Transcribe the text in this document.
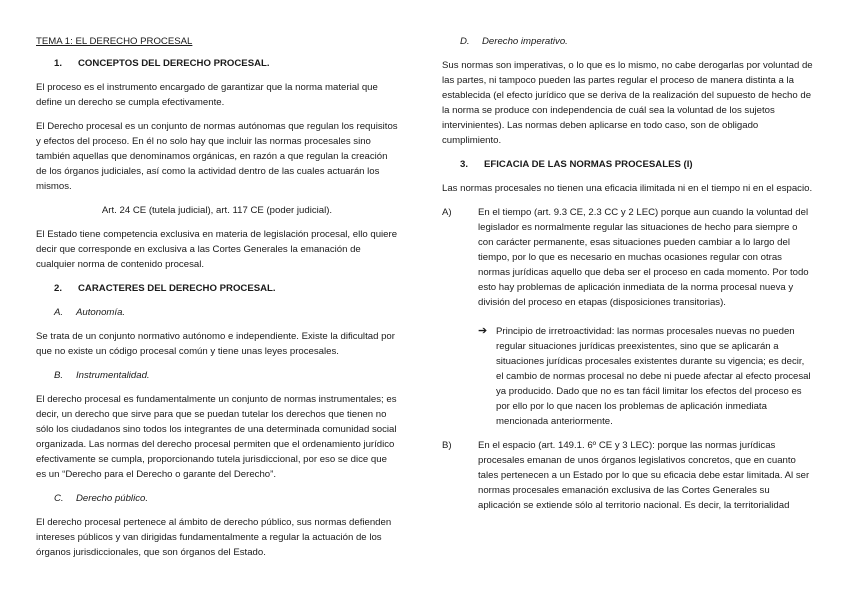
TEMA 1: EL DERECHO PROCESAL

1. CONCEPTOS DEL DERECHO PROCESAL.

El proceso es el instrumento encargado de garantizar que la norma material que define un derecho se cumpla efectivamente.

El Derecho procesal es un conjunto de normas autónomas que regulan los requisitos y efectos del proceso. En él no solo hay que incluir las normas procesales sino también aquellas que denominamos orgánicas, en razón a que regulan la creación de los órganos judiciales, así como la actividad dentro de las cuales actuarán los mismos.

Art. 24 CE (tutela judicial), art. 117 CE (poder judicial).

El Estado tiene competencia exclusiva en materia de legislación procesal, ello quiere decir que corresponde en exclusiva a las Cortes Generales la emanación de cualquier norma de contenido procesal.

2. CARACTERES DEL DERECHO PROCESAL.

A. Autonomía.

Se trata de un conjunto normativo autónomo e independiente. Existe la dificultad por que no existe un código procesal común y tiene unas leyes procesales.

B. Instrumentalidad.

El derecho procesal es fundamentalmente un conjunto de normas instrumentales; es decir, un derecho que sirve para que se puedan tutelar los derechos que tienen no sólo los ciudadanos sino todos los integrantes de una determinada comunidad social organizada. Las normas del derecho procesal permiten que el ordenamiento jurídico efectivamente se cumpla, proporcionando tutela jurisdiccional, por eso se dice que es un “Derecho para el Derecho o garante del Derecho”.

C. Derecho público.

El derecho procesal pertenece al ámbito de derecho público, sus normas defienden intereses públicos y van dirigidas fundamentalmente a regular la actuación de los órganos jurisdiccionales, que son órganos del Estado.

D. Derecho imperativo.

Sus normas son imperativas, o lo que es lo mismo, no cabe derogarlas por voluntad de las partes, ni tampoco pueden las partes regular el proceso de manera distinta a la establecida (el efecto jurídico que se deriva de la realización del supuesto de hecho de la norma se produce con independencia de cuál sea la voluntad de los sujetos intervinientes). Las normas deben aplicarse en todo caso, son de obligado cumplimiento.

3. EFICACIA DE LAS NORMAS PROCESALES (I)

Las normas procesales no tienen una eficacia ilimitada ni en el tiempo ni en el espacio.

A)	En el tiempo (art. 9.3 CE, 2.3 CC y 2 LEC) porque aun cuando la voluntad del legislador es normalmente regular las situaciones de hecho para siempre o con carácter permanente, esas situaciones pueden cambiar a lo largo del tiempo, por lo que es necesario en muchas ocasiones regular con otras normas jurídicas aquello que deba ser el proceso en cada momento. Por todo esto hay problemas de aplicación inmediata de la norma procesal nueva y división del proceso en etapas (disposiciones transitorias).
➔ Principio de irretroactividad: las normas procesales nuevas no pueden regular situaciones jurídicas preexistentes, sino que se aplicarán a situaciones jurídicas procesales existentes durante su vigencia; es decir, el cambio de normas procesal no debe ni puede afectar al efecto procesal ya producido. Dado que no es tan fácil limitar los efectos del proceso es por ello por lo que nacen los problemas de aplicación inmediata mencionada anteriormente.
B)	En el espacio (art. 149.1. 6º CE y 3 LEC): porque las normas jurídicas procesales emanan de unos órganos legislativos concretos, que en cuanto tales pertenecen a un Estado por lo que su eficacia debe estar limitada. Al ser normas procesales emanación exclusiva de las Cortes Generales su aplicación se extiende sólo al territorio nacional. Es decir, la territorialidad
